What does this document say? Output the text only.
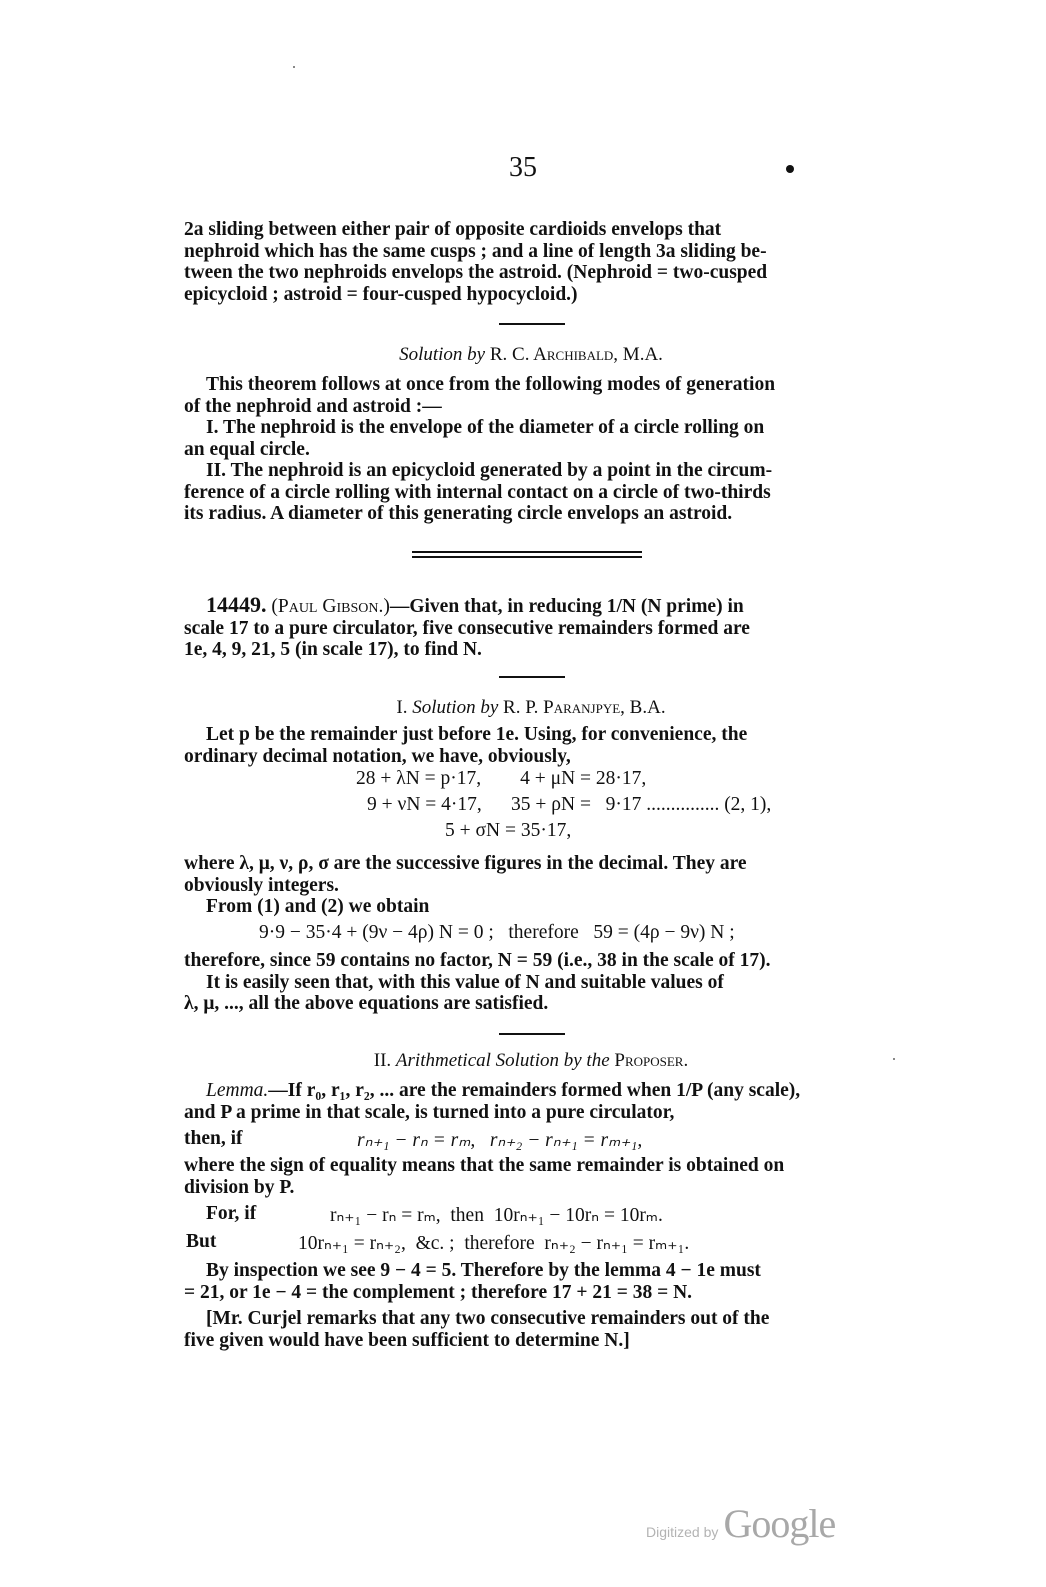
35

2a sliding between either pair of opposite cardioids envelops that

nephroid which has the same cusps ; and a line of length 3a sliding be-

tween the two nephroids envelops the astroid. (Nephroid = two-cusped

epicycloid ; astroid = four-cusped hypocycloid.)

Solution by R. C. Archibald, M.A.

This theorem follows at once from the following modes of generation

of the nephroid and astroid :—

I. The nephroid is the envelope of the diameter of a circle rolling on

an equal circle.

II. The nephroid is an epicycloid generated by a point in the circum-

ference of a circle rolling with internal contact on a circle of two-thirds

its radius. A diameter of this generating circle envelops an astroid.

14449. (Paul Gibson.)—Given that, in reducing 1/N (N prime) in

scale 17 to a pure circulator, five consecutive remainders formed are

1e, 4, 9, 21, 5 (in scale 17), to find N.

I. Solution by R. P. Paranjpye, B.A.

Let p be the remainder just before 1e. Using, for convenience, the

ordinary decimal notation, we have, obviously,

28 + λN = p·17,        4 + μN = 28·17,
9 + νN = 4·17,      35 + ρN =   9·17 ............... (2, 1),
5 + σN = 35·17,

where λ, μ, ν, ρ, σ are the successive figures in the decimal. They are

obviously integers.

From (1) and (2) we obtain

9·9 − 35·4 + (9ν − 4ρ) N = 0 ;   therefore   59 = (4ρ − 9ν) N ;

therefore, since 59 contains no factor, N = 59 (i.e., 38 in the scale of 17).

It is easily seen that, with this value of N and suitable values of

λ, μ, ..., all the above equations are satisfied.

II. Arithmetical Solution by the Proposer.

Lemma.—If r₀, r₁, r₂, ... are the remainders formed when 1/P (any scale),

and P a prime in that scale, is turned into a pure circulator,

then, if	rₙ₊₁ − rₙ = rₘ,   rₙ₊₂ − rₙ₊₁ = rₘ₊₁,

where the sign of equality means that the same remainder is obtained on

division by P.

For, if	rₙ₊₁ − rₙ = rₘ,  then  10rₙ₊₁ − 10rₙ = 10rₘ.
But	10rₙ₊₁ = rₙ₊₂,  &c. ;  therefore  rₙ₊₂ − rₙ₊₁ = rₘ₊₁.

By inspection we see 9 − 4 = 5. Therefore by the lemma 4 − 1e must

= 21, or 1e − 4 = the complement ; therefore 17 + 21 = 38 = N.

[Mr. Curjel remarks that any two consecutive remainders out of the

five given would have been sufficient to determine N.]

Digitized by Google
